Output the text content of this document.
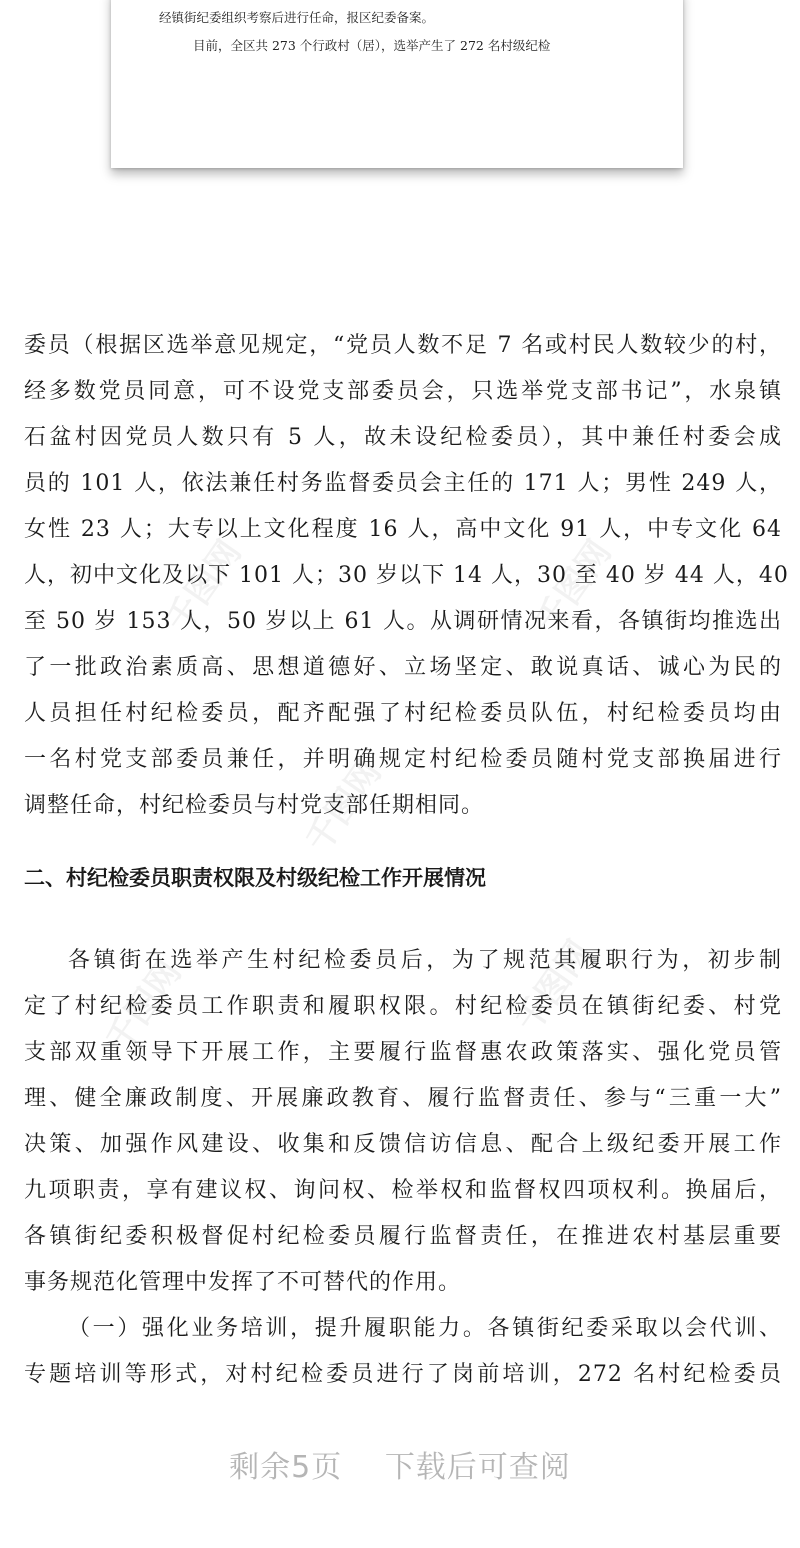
经镇街纪委组织考察后进行任命，报区纪委备案。
目前，全区共 273 个行政村（居），选举产生了 272 名村级纪检
千图网	千图网
千图网
千图网	千图网
委员（根据区选举意见规定，“党员人数不足 7 名或村民人数较少的村，
经多数党员同意，可不设党支部委员会，只选举党支部书记”，水泉镇
石盆村因党员人数只有 5 人，故未设纪检委员），其中兼任村委会成
员的 101 人，依法兼任村务监督委员会主任的 171 人；男性 249 人，
女性 23 人；大专以上文化程度 16 人，高中文化 91 人，中专文化 64
人，初中文化及以下 101 人；30 岁以下 14 人，30 至 40 岁 44 人，40
至 50 岁 153 人，50 岁以上 61 人。从调研情况来看，各镇街均推选出
了一批政治素质高、思想道德好、立场坚定、敢说真话、诚心为民的
人员担任村纪检委员，配齐配强了村纪检委员队伍，村纪检委员均由
一名村党支部委员兼任，并明确规定村纪检委员随村党支部换届进行
调整任命，村纪检委员与村党支部任期相同。
二、村纪检委员职责权限及村级纪检工作开展情况
各镇街在选举产生村纪检委员后，为了规范其履职行为，初步制
定了村纪检委员工作职责和履职权限。村纪检委员在镇街纪委、村党
支部双重领导下开展工作，主要履行监督惠农政策落实、强化党员管
理、健全廉政制度、开展廉政教育、履行监督责任、参与“三重一大”
决策、加强作风建设、收集和反馈信访信息、配合上级纪委开展工作
九项职责，享有建议权、询问权、检举权和监督权四项权利。换届后，
各镇街纪委积极督促村纪检委员履行监督责任，在推进农村基层重要
事务规范化管理中发挥了不可替代的作用。
（一）强化业务培训，提升履职能力。各镇街纪委采取以会代训、
专题培训等形式，对村纪检委员进行了岗前培训，272 名村纪检委员
剩余5页 下载后可查阅
